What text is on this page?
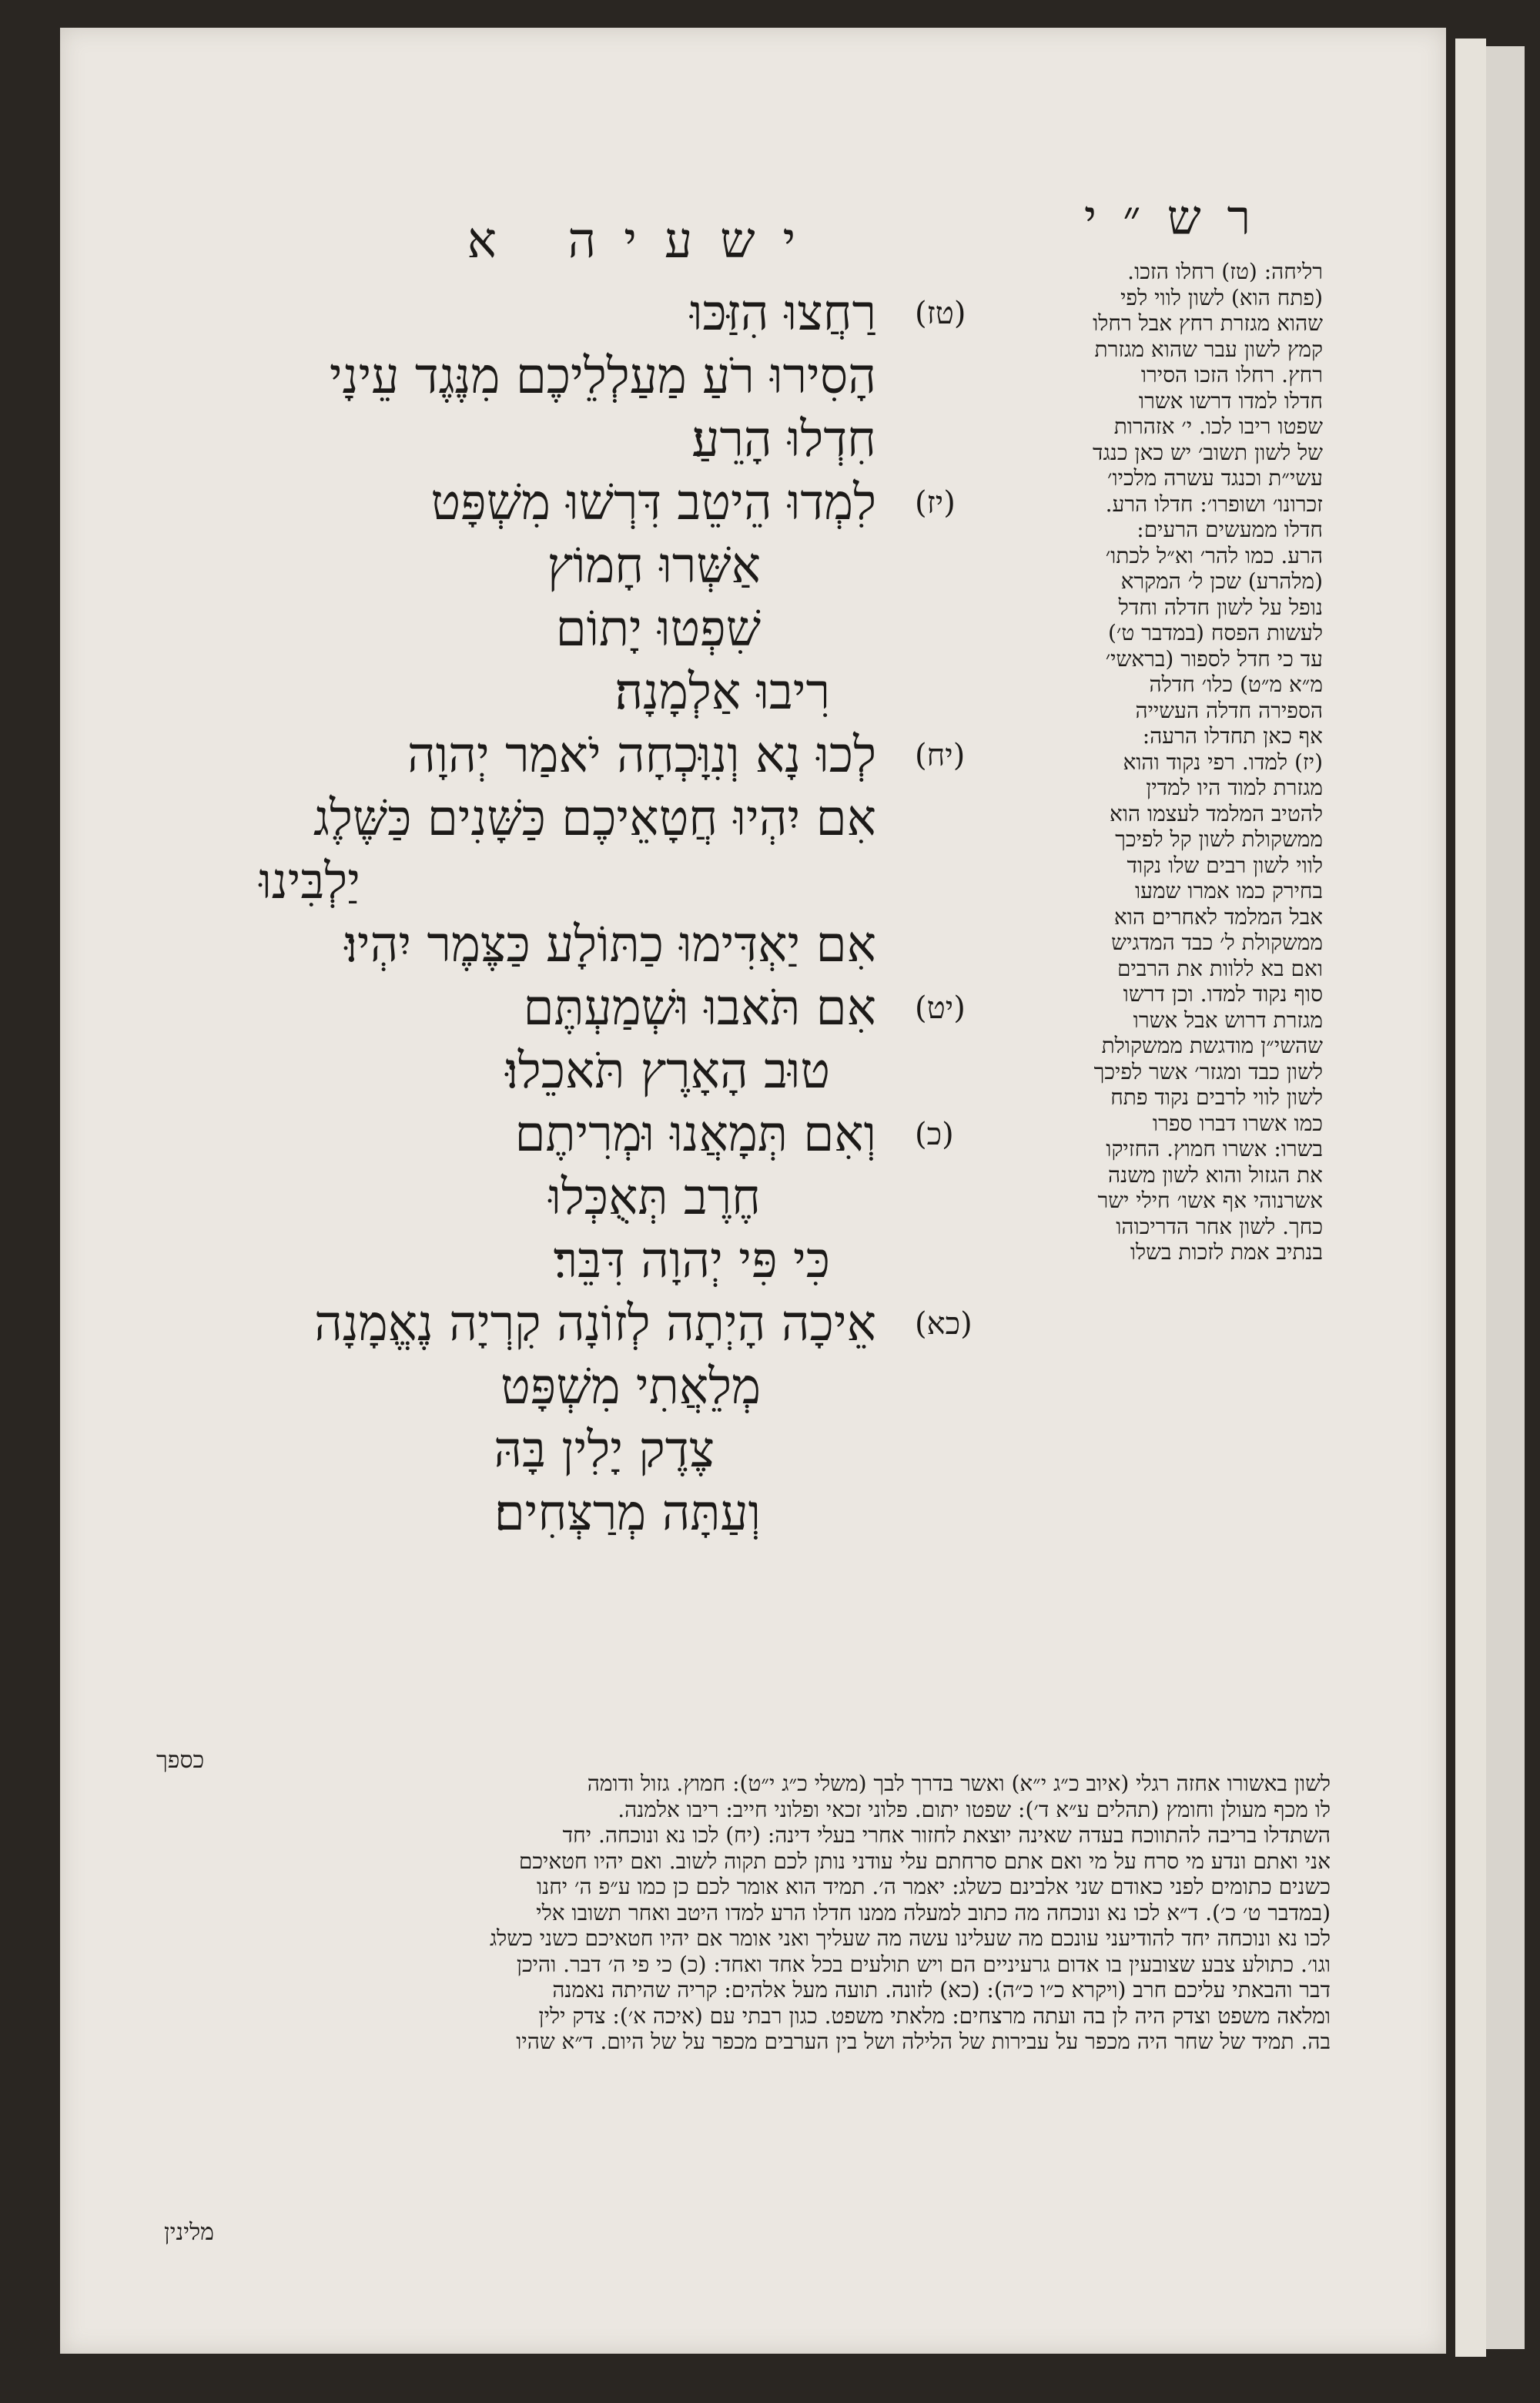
רש״י
ישעיה א
(טז)
רַחֲצוּ הִזַּכּוּ
הָסִירוּ רֹעַ מַעַלְלֵיכֶם מִנֶּגֶד עֵינָי
חִדְלוּ הָרֵעַ׃
(יז)
לִמְדוּ הֵיטֵב דִּרְשׁוּ מִשְׁפָּט
אַשְּׁרוּ חָמוֹץ
שִׁפְטוּ יָתוֹם
רִיבוּ אַלְמָנָה׃
(יח)
לְכוּ נָא וְנִוָּכְחָה יֹאמַר יְהוָה
אִם יִהְיוּ חֲטָאֵיכֶם כַּשָּׁנִים כַּשֶּׁלֶג
יַלְבִּינוּ
אִם יַאְדִּימוּ כַתּוֹלָע כַּצֶּמֶר יִהְיוּ׃
(יט)
אִם תֹּאבוּ וּשְׁמַעְתֶּם
טוּב הָאָרֶץ תֹּאכֵלוּ׃
(כ)
וְאִם תְּמָאֲנוּ וּמְרִיתֶם
חֶרֶב תְּאֻכְּלוּ
כִּי פִּי יְהוָה דִּבֵּר׃
(כא)
אֵיכָה הָיְתָה לְזוֹנָה קִרְיָה נֶאֱמָנָה
מְלֵאֲתִי מִשְׁפָּט
צֶדֶק יָלִין בָּהּ
וְעַתָּה מְרַצְּחִים׃
רליחה: (טז) רחלו הזכו.
(פתח הוא) לשון לווי לפי
שהוא מגזרת רחץ אבל רחלו
קמץ לשון עבר שהוא מגזרת
רחץ. רחלו הזכו הסירו
חדלו למדו דרשו אשרו
שפטו ריבו לכו. י׳ אזהרות
של לשון תשוב׳ יש כאן כנגד
עשי״ת וכנגד עשרה מלכיו׳
זכרונו׳ ושופרו׳: חדלו הרע.
חדלו ממעשים הרעים:
הרע. כמו להר׳ וא״ל לכתו׳
(מלהרע) שכן ל׳ המקרא
נופל על לשון חדלה וחדל
לעשות הפסח (במדבר ט׳)
עד כי חדל לספור (בראשי׳
מ״א מ״ט) כלו׳ חדלה
הספירה חדלה העשייה
אף כאן תחדלו הרעה:
(יז) למדו. רפי נקוד והוא
מגזרת למוד היו למדין
להטיב המלמד לעצמו הוא
ממשקולת לשון קל לפיכך
לווי לשון רבים שלו נקוד
בחירק כמו אמרו שמעו
אבל המלמד לאחרים הוא
ממשקולת ל׳ כבד המדגיש
ואם בא ללוות את הרבים
סוף נקוד למדו. וכן דרשו
מגזרת דרוש אבל אשרו
שהשי״ן מודגשת ממשקולת
לשון כבד ומגזר׳ אשר לפיכך
לשון לווי לרבים נקוד פתח
כמו אשרו דברו ספרו
בשרו: אשרו חמוץ. החזיקו
את הגזול והוא לשון משנה
אשרנוהי אף אשו׳ חילי ישר
כחך. לשון אחר הדריכוהו
בנתיב אמת לזכות בשלו
כספך
לשון באשורו אחזה רגלי (איוב כ״ג י״א) ואשר בדרך לבך (משלי כ״ג י״ט): חמוץ. גזול ודומה
לו מכף מעולן וחומץ (תהלים ע״א ד׳): שפטו יתום. פלוני זכאי ופלוני חייב: ריבו אלמנה.
השתדלו בריבה להתווכח בעדה שאינה יוצאת לחזור אחרי בעלי דינה: (יח) לכו נא ונוכחה. יחד
אני ואתם ונדע מי סרח על מי ואם אתם סרחתם עלי עודני נותן לכם תקוה לשוב. ואם יהיו חטאיכם
כשנים כתומים לפני כאודם שני אלבינם כשלג: יאמר ה׳. תמיד הוא אומר לכם כן כמו ע״פ ה׳ יחנו
(במדבר ט׳ כ׳). ד״א לכו נא ונוכחה מה כתוב למעלה ממנו חדלו הרע למדו היטב ואחר תשובו אלי
לכו נא ונוכחה יחד להודיעני עונכם מה שעלינו עשה מה שעליך ואני אומר אם יהיו חטאיכם כשני כשלג
וגו׳. כתולע צבע שצובעין בו אדום גרעיניים הם ויש תולעים בכל אחד ואחד: (כ) כי פי ה׳ דבר. והיכן
דבר והבאתי עליכם חרב (ויקרא כ״ו כ״ה): (כא) לזונה. תועה מעל אלהים: קריה שהיתה נאמנה
ומלאה משפט וצדק היה לן בה ועתה מרצחים: מלאתי משפט. כגון רבתי עם (איכה א׳): צדק ילין
בה. תמיד של שחר היה מכפר על עבירות של הלילה ושל בין הערבים מכפר על של היום. ד״א שהיו
מלינין
